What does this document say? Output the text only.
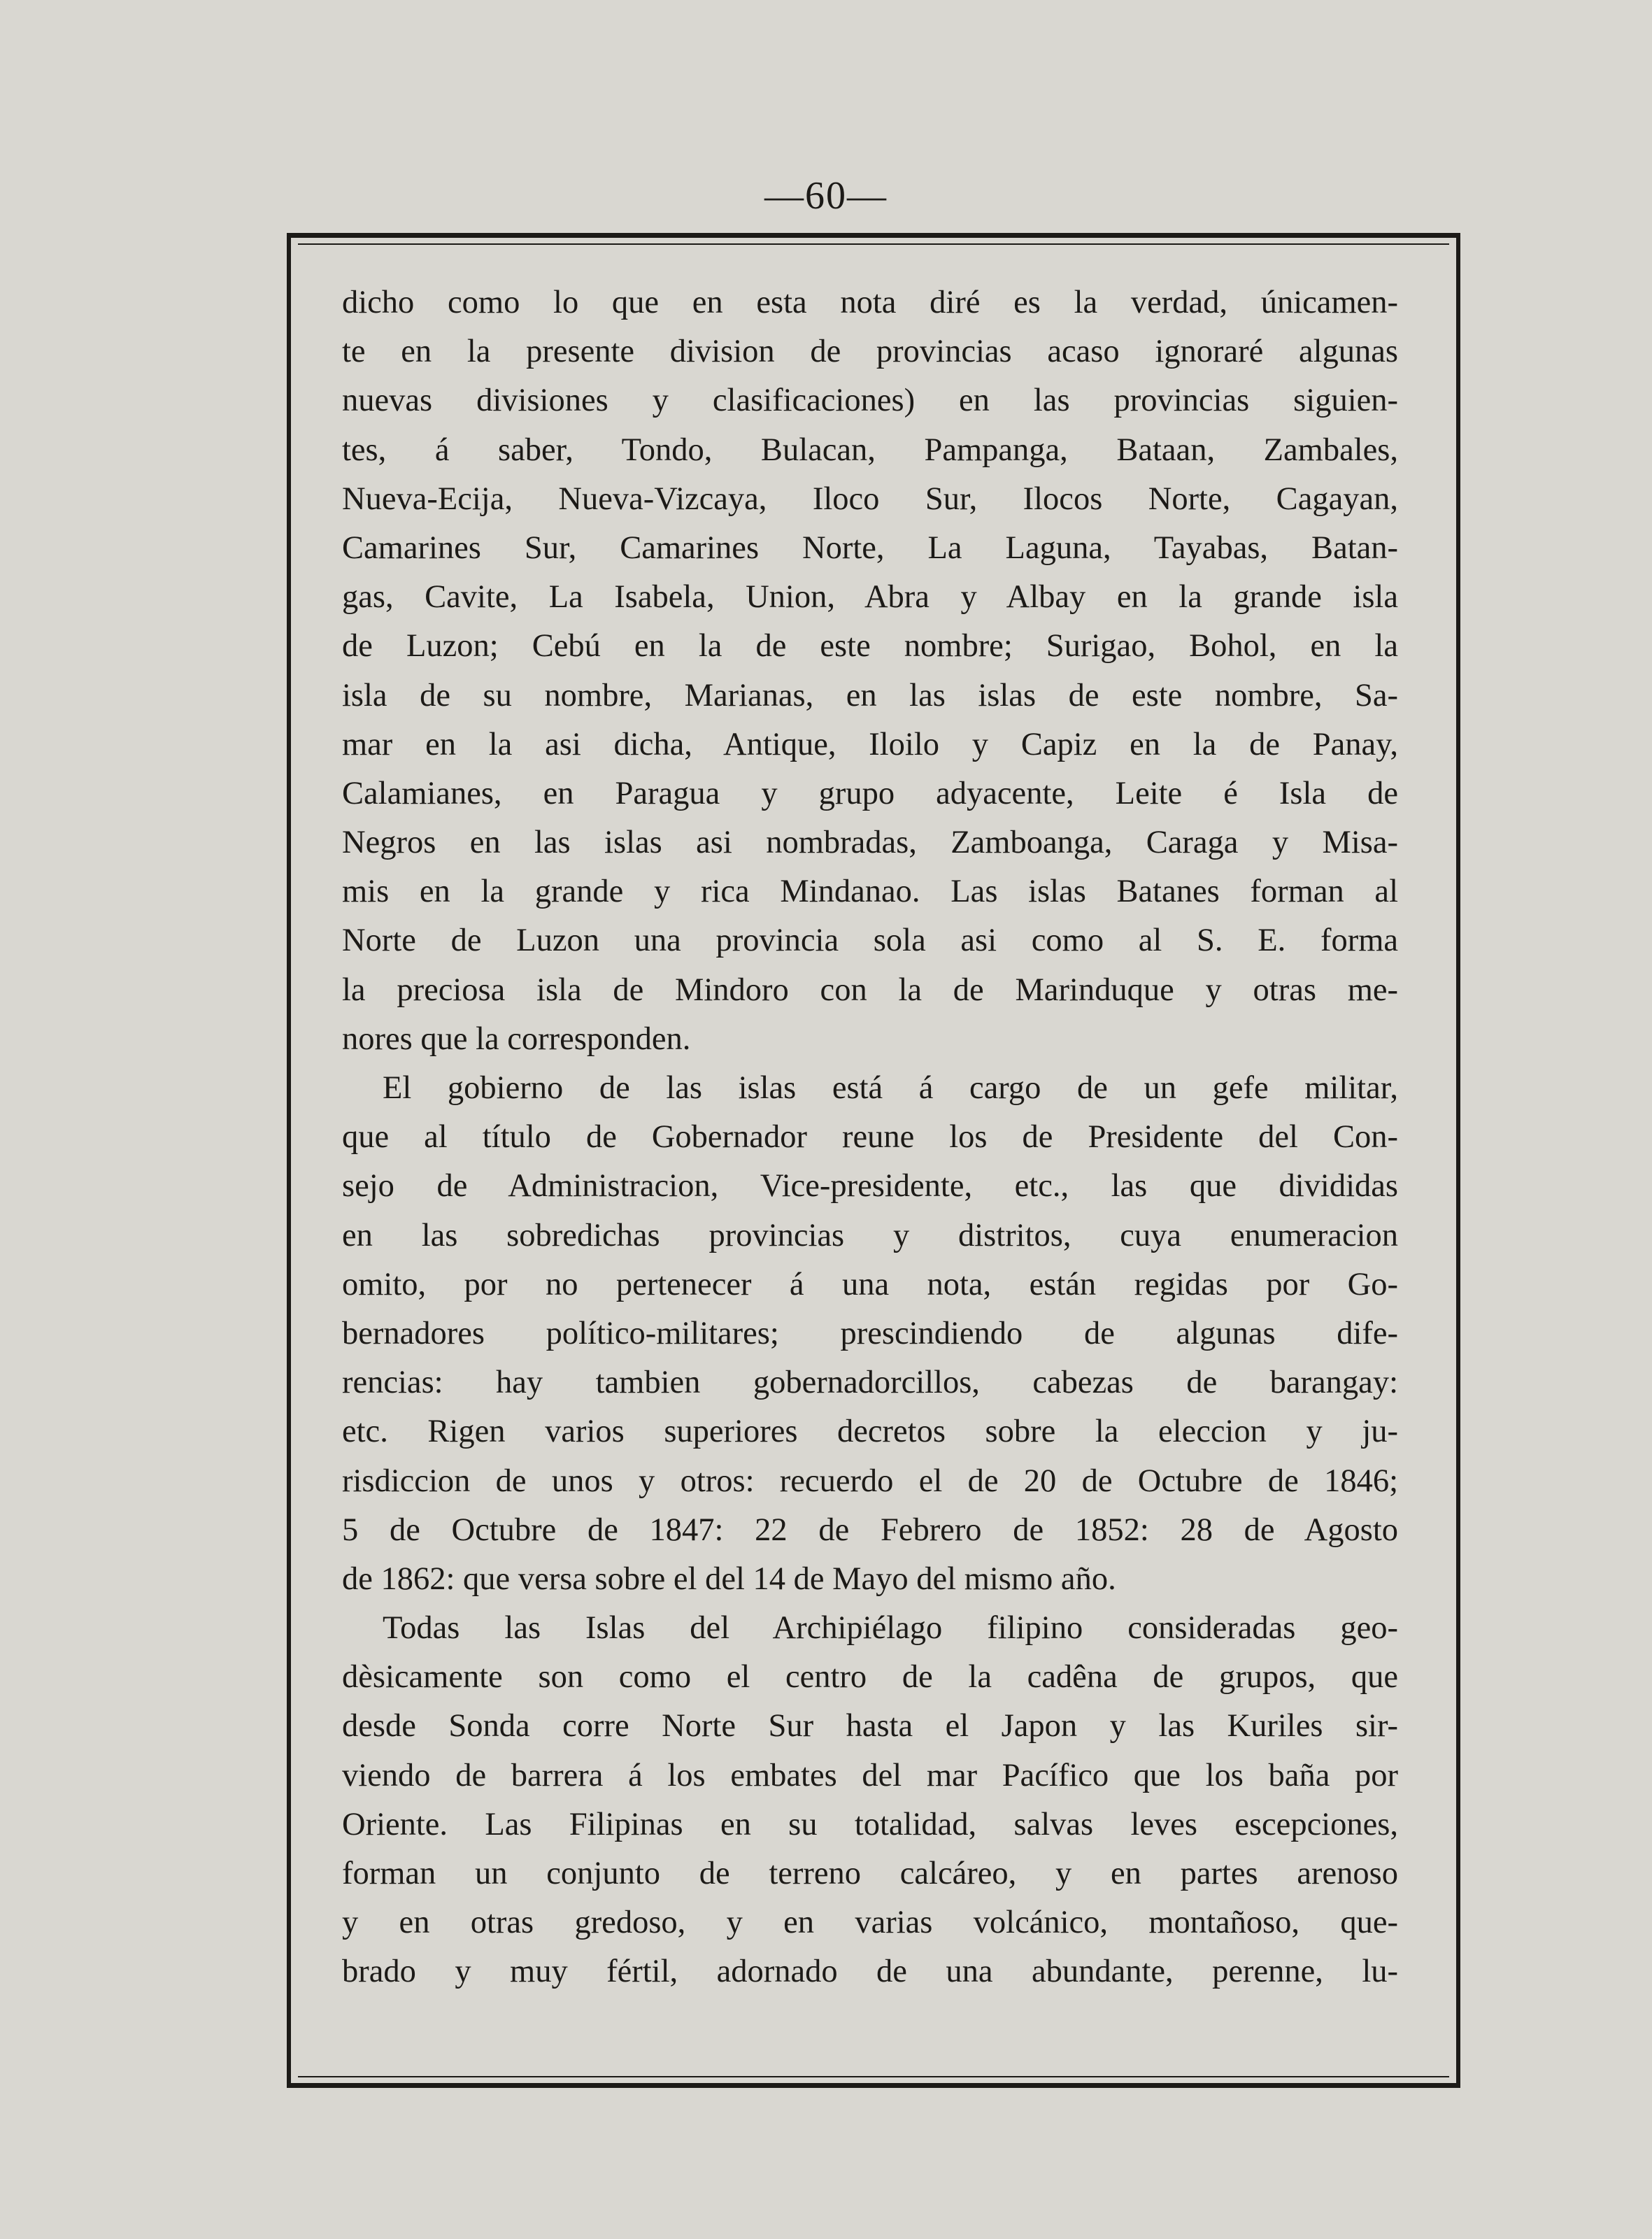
—60—
dicho como lo que en esta nota diré es la verdad, únicamen-
te en la presente division de provincias acaso ignoraré algunas
nuevas divisiones y clasificaciones) en las provincias siguien-
tes, á saber, Tondo, Bulacan, Pampanga, Bataan, Zambales,
Nueva-Ecija, Nueva-Vizcaya, Iloco Sur, Ilocos Norte, Cagayan,
Camarines Sur, Camarines Norte, La Laguna, Tayabas, Batan-
gas, Cavite, La Isabela, Union, Abra y Albay en la grande isla
de Luzon; Cebú en la de este nombre; Surigao, Bohol, en la
isla de su nombre, Marianas, en las islas de este nombre, Sa-
mar en la asi dicha, Antique, Iloilo y Capiz en la de Panay,
Calamianes, en Paragua y grupo adyacente, Leite é Isla de
Negros en las islas asi nombradas, Zamboanga, Caraga y Misa-
mis en la grande y rica Mindanao. Las islas Batanes forman al
Norte de Luzon una provincia sola asi como al S. E. forma
la preciosa isla de Mindoro con la de Marinduque y otras me-
nores que la corresponden.
El gobierno de las islas está á cargo de un gefe militar,
que al título de Gobernador reune los de Presidente del Con-
sejo de Administracion, Vice-presidente, etc., las que divididas
en las sobredichas provincias y distritos, cuya enumeracion
omito, por no pertenecer á una nota, están regidas por Go-
bernadores político-militares; prescindiendo de algunas dife-
rencias: hay tambien gobernadorcillos, cabezas de barangay:
etc. Rigen varios superiores decretos sobre la eleccion y ju-
risdiccion de unos y otros: recuerdo el de 20 de Octubre de 1846;
5 de Octubre de 1847: 22 de Febrero de 1852: 28 de Agosto
de 1862: que versa sobre el del 14 de Mayo del mismo año.
Todas las Islas del Archipiélago filipino consideradas geo-
dèsicamente son como el centro de la cadêna de grupos, que
desde Sonda corre Norte Sur hasta el Japon y las Kuriles sir-
viendo de barrera á los embates del mar Pacífico que los baña por
Oriente. Las Filipinas en su totalidad, salvas leves escepciones,
forman un conjunto de terreno calcáreo, y en partes arenoso
y en otras gredoso, y en varias volcánico, montañoso, que-
brado y muy fértil, adornado de una abundante, perenne, lu-
